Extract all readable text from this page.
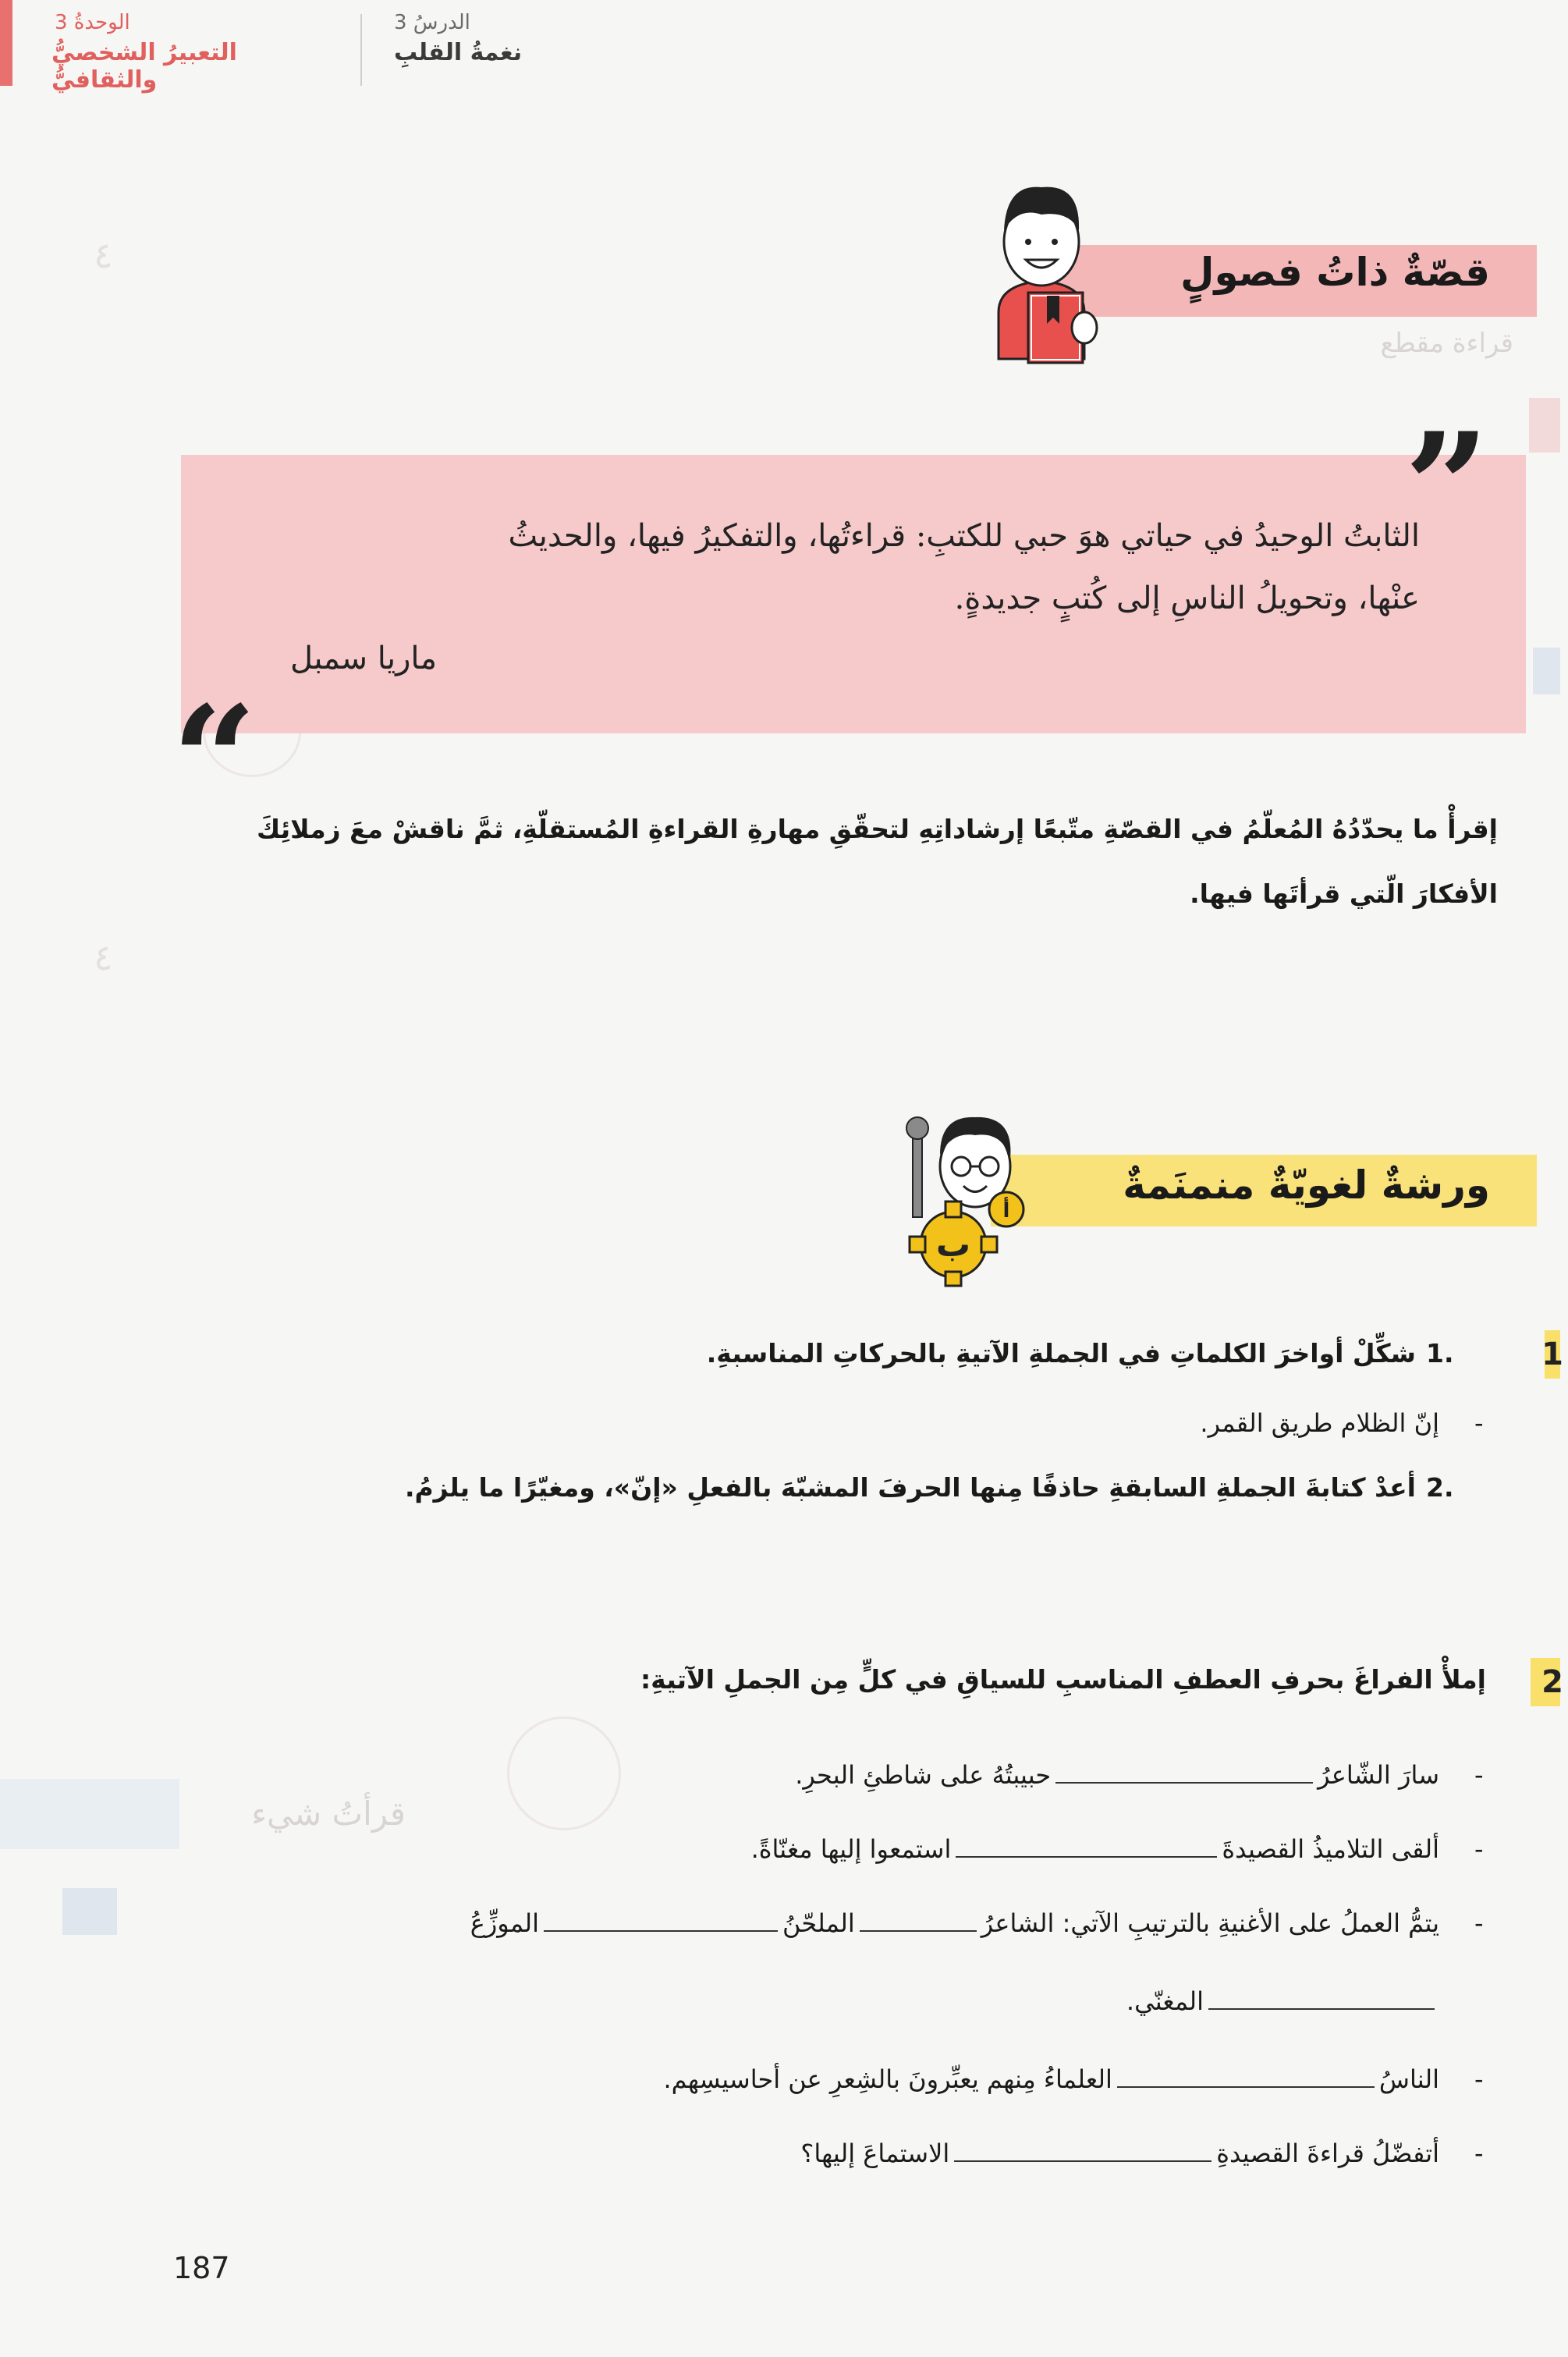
الوحدةُ 3
التعبيرُ الشخصيُّ والثقافيُّ
الدرسُ 3
نغمةُ القلبِ
٤
٤
قراءة مقطع
قرأتُ شيء
قصّةٌ ذاتُ فصولٍ
”
“
الثابتُ الوحيدُ في حياتي هوَ حبي للكتبِ: قراءتُها، والتفكيرُ فيها، والحديثُ
عنْها، وتحويلُ الناسِ إلى كُتبٍ جديدةٍ.
ماريا سمبل
إقرأْ ما يحدّدُهُ المُعلّمُ في القصّةِ متّبعًا إرشاداتِهِ لتحقّقِ مهارةِ القراءةِ المُستقلّةِ، ثمَّ ناقشْ معَ زملائِكَ
الأفكارَ الّتي قرأتَها فيها.
ورشةٌ لغويّةٌ منمنَمةٌ
ب
أ
1
1.
شكِّلْ أواخرَ الكلماتِ في الجملةِ الآتيةِ بالحركاتِ المناسبةِ.
-
إنّ الظلام طريق القمر.
2.
أعدْ كتابةَ الجملةِ السابقةِ حاذفًا مِنها الحرفَ المشبّهَ بالفعلِ «إنّ»، ومغيّرًا ما يلزمُ.
2
إملأْ الفراغَ بحرفِ العطفِ المناسبِ للسياقِ في كلٍّ مِن الجملِ الآتيةِ:
-
سارَ الشّاعرُحبيبتُهُ على شاطئِ البحرِ.
-
ألقى التلاميذُ القصيدةَاستمعوا إليها مغنّاةً.
-
يتمُّ العملُ على الأغنيةِ بالترتيبِ الآتي: الشاعرُالملحّنُالموزِّعُ
المغنّي.
-
الناسُالعلماءُ مِنهم يعبِّرونَ بالشِعرِ عن أحاسيسِهم.
-
أتفضّلُ قراءةَ القصيدةِالاستماعَ إليها؟
187
